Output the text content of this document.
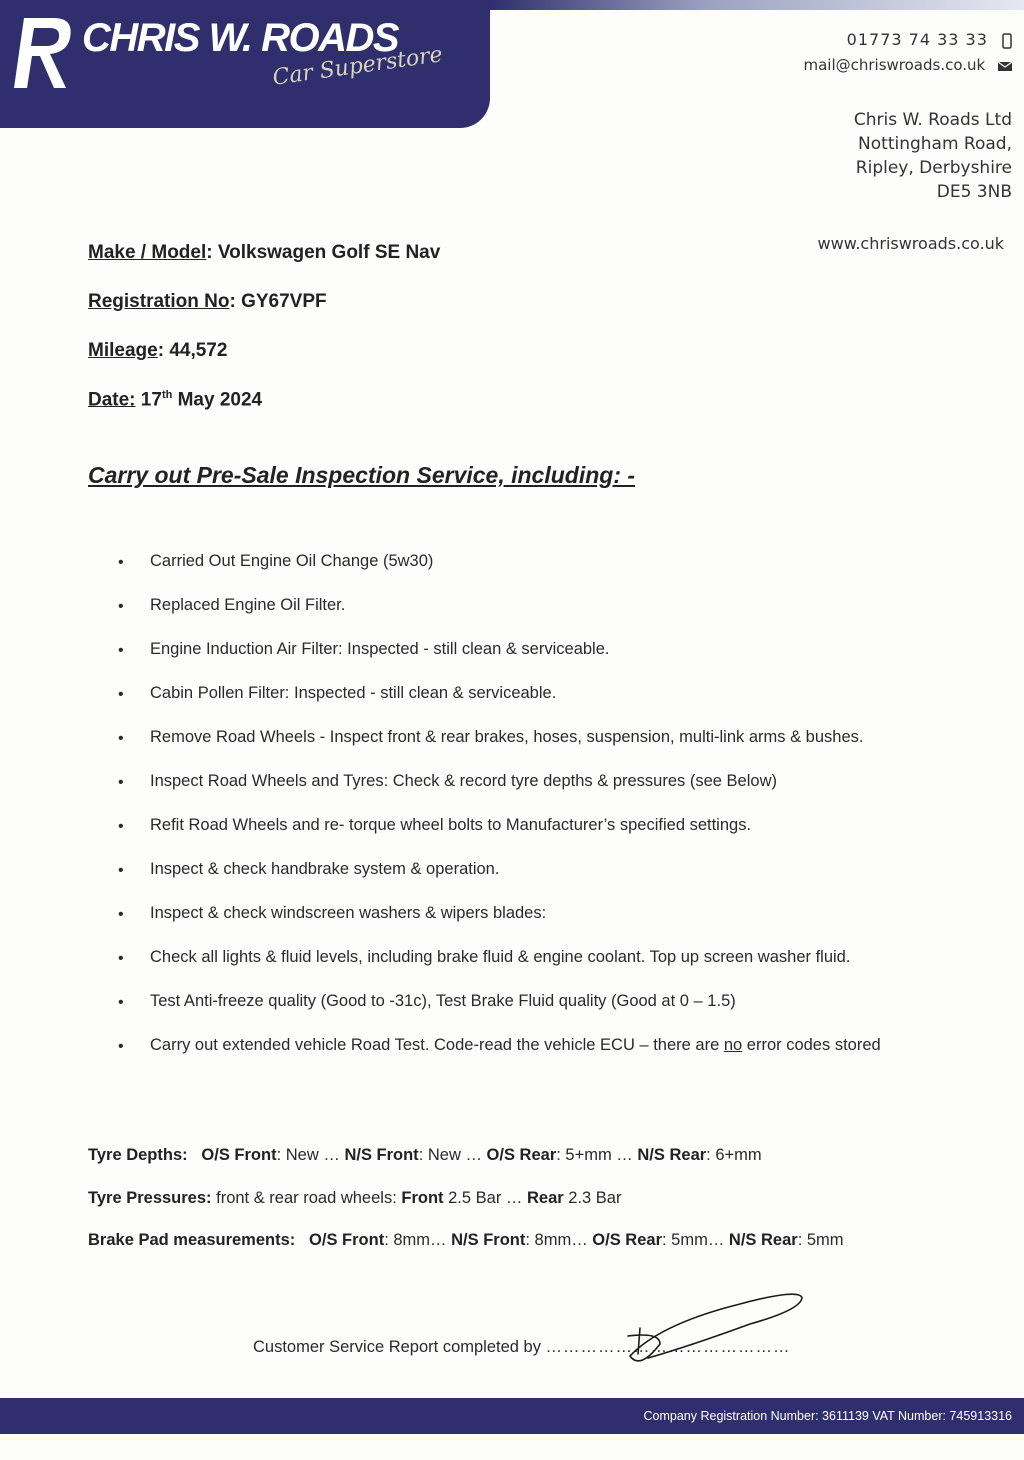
CHRIS W. ROADS
Car Superstore
01773 74 33 33
mail@chriswroads.co.uk
Chris W. Roads Ltd
Nottingham Road,
Ripley, Derbyshire
DE5 3NB
www.chriswroads.co.uk
Make / Model: Volkswagen Golf SE Nav
Registration No: GY67VPF
Mileage: 44,572
Date: 17th May 2024
Carry out Pre-Sale Inspection Service, including: -
• Carried Out Engine Oil Change (5w30)
• Replaced Engine Oil Filter.
• Engine Induction Air Filter: Inspected - still clean & serviceable.
• Cabin Pollen Filter: Inspected - still clean & serviceable.
• Remove Road Wheels - Inspect front & rear brakes, hoses, suspension, multi-link arms & bushes.
• Inspect Road Wheels and Tyres: Check & record tyre depths & pressures (see Below)
• Refit Road Wheels and re- torque wheel bolts to Manufacturer’s specified settings.
• Inspect & check handbrake system & operation.
• Inspect & check windscreen washers & wipers blades:
• Check all lights & fluid levels, including brake fluid & engine coolant. Top up screen washer fluid.
• Test Anti-freeze quality (Good to -31c), Test Brake Fluid quality (Good at 0 – 1.5)
• Carry out extended vehicle Road Test. Code-read the vehicle ECU – there are no error codes stored
Tyre Depths: O/S Front: New … N/S Front: New … O/S Rear: 5+mm … N/S Rear: 6+mm
Tyre Pressures: front & rear road wheels: Front 2.5 Bar … Rear 2.3 Bar
Brake Pad measurements: O/S Front: 8mm… N/S Front: 8mm… O/S Rear: 5mm… N/S Rear: 5mm
Customer Service Report completed by ……………………………………
Company Registration Number: 3611139 VAT Number: 745913316
